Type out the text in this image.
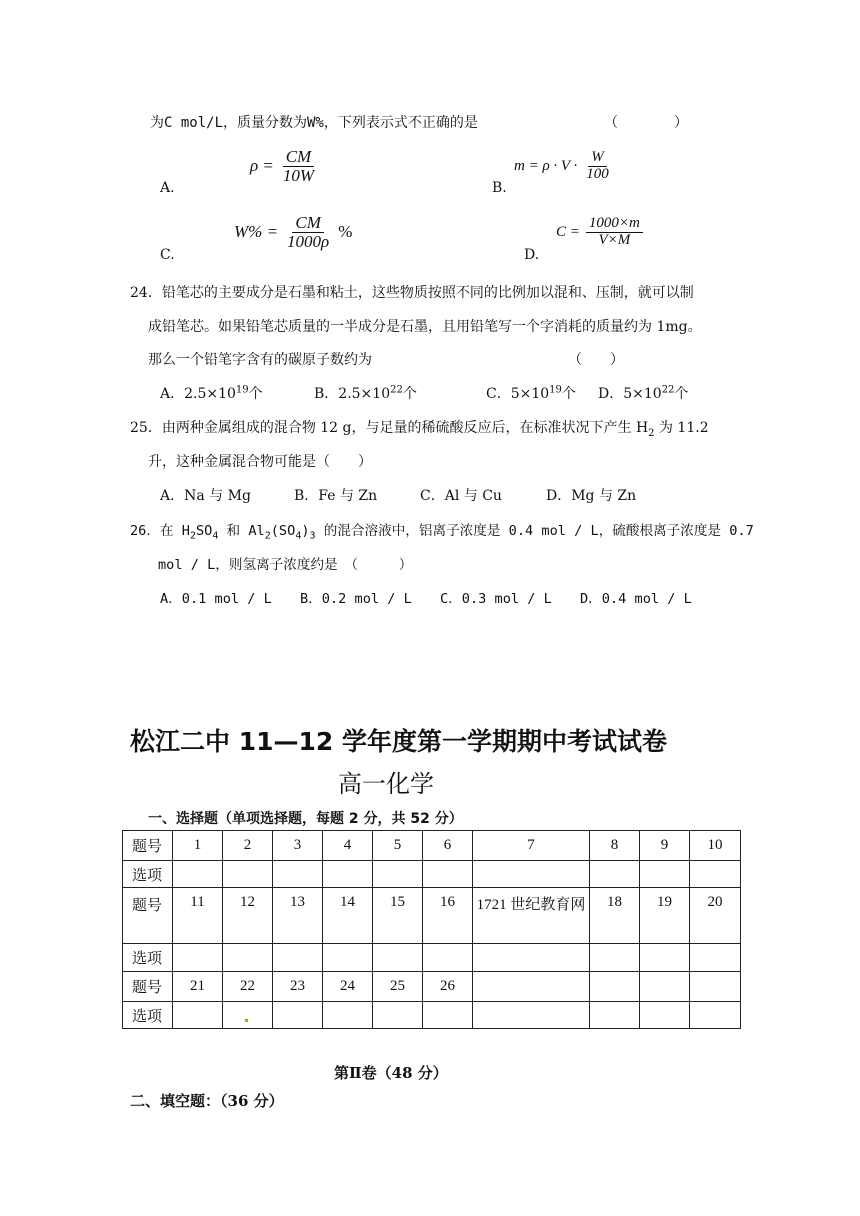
为C mol/L，质量分数为W%，下列表示式不正确的是	（　　　　）
A.
$\rho = \frac{CM}{10W}$
B.
$m = \rho \cdot V \cdot \frac{W}{100}$
C.
$W\% = \frac{CM}{1000\rho}$ %
D.
$C = \frac{1000\times m}{V\times M}$
24．铅笔芯的主要成分是石墨和粘土，这些物质按照不同的比例加以混和、压制，就可以制
成铅笔芯。如果铅笔芯质量的一半成分是石墨，且用铅笔写一个字消耗的质量约为 1mg。
那么一个铅笔字含有的碳原子数约为	（　　）
A．$2.5\times 10^{19}$个	B．$2.5\times 10^{22}$个	C．$5\times 10^{19}$个 D．$5\times 10^{22}$个
25．由两种金属组成的混合物 12 g，与足量的稀硫酸反应后，在标准状况下产生 $H_2$ 为 11.2
升，这种金属混合物可能是（　　）
A．Na 与 Mg	B．Fe 与 Zn	C．Al 与 Cu	D．Mg 与 Zn
26．在 $H_2SO_4$ 和 $Al_2(SO_4)_3$ 的混合溶液中，铝离子浓度是 0.4 mol / L，硫酸根离子浓度是 0.7
mol / L，则氢离子浓度约是　（　　　）
A．0.1 mol / L B．0.2 mol / L C．0.3 mol / L D．0.4 mol / L
松江二中 11—12 学年度第一学期期中考试试卷
高一化学
一、选择题（单项选择题，每题 2 分，共 52 分）
题号	1	2	3	4	5	6	7	8	9	10
选项										
题号	11	12	13	14	15	16	1721 世纪教育网	18	19	20
选项										
题号	21	22	23	24	25	26				
选项										
第Ⅱ卷（48 分）
二、填空题：（36 分）
